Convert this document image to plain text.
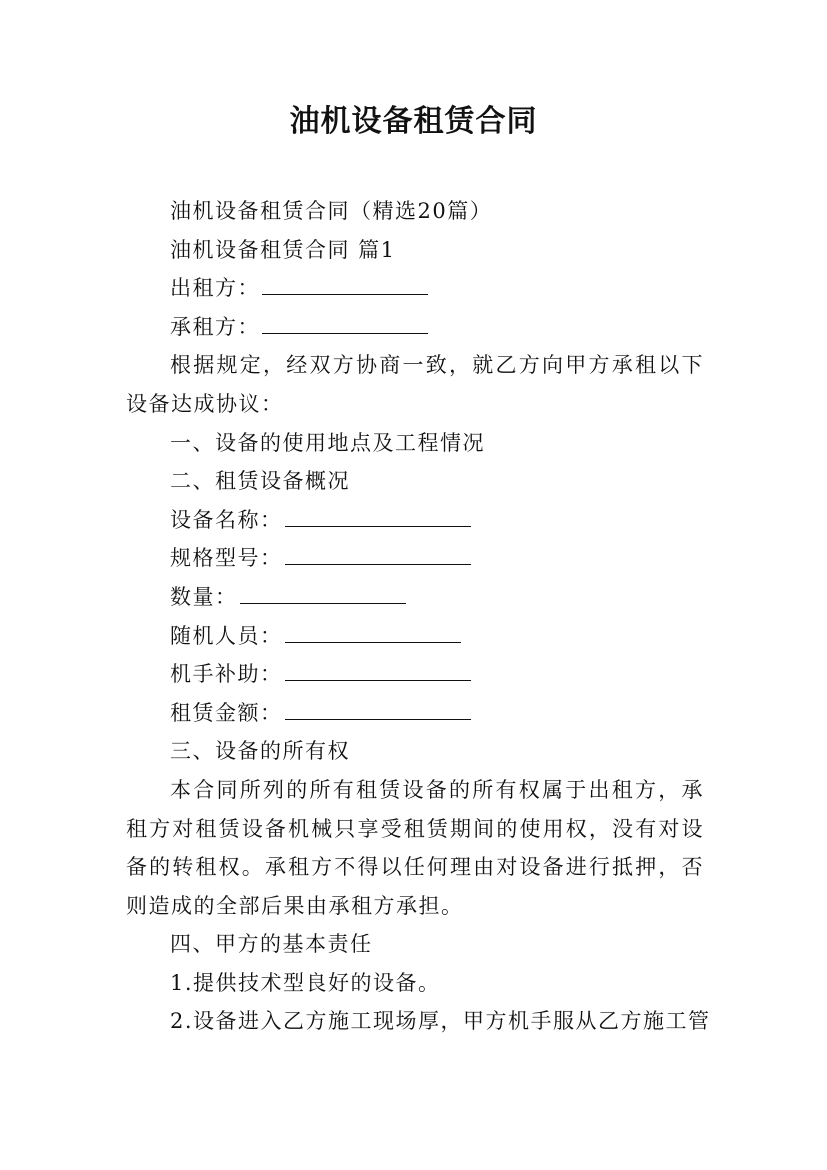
油机设备租赁合同
油机设备租赁合同（精选20篇）
油机设备租赁合同 篇1
出租方：
承租方：
根据规定，经双方协商一致，就乙方向甲方承租以下设备达成协议：
一、设备的使用地点及工程情况
二、租赁设备概况
设备名称：
规格型号：
数量：
随机人员：
机手补助：
租赁金额：
三、设备的所有权
本合同所列的所有租赁设备的所有权属于出租方，承租方对租赁设备机械只享受租赁期间的使用权，没有对设备的转租权。承租方不得以任何理由对设备进行抵押，否则造成的全部后果由承租方承担。
四、甲方的基本责任
1.提供技术型良好的设备。
2.设备进入乙方施工现场厚，甲方机手服从乙方施工管
